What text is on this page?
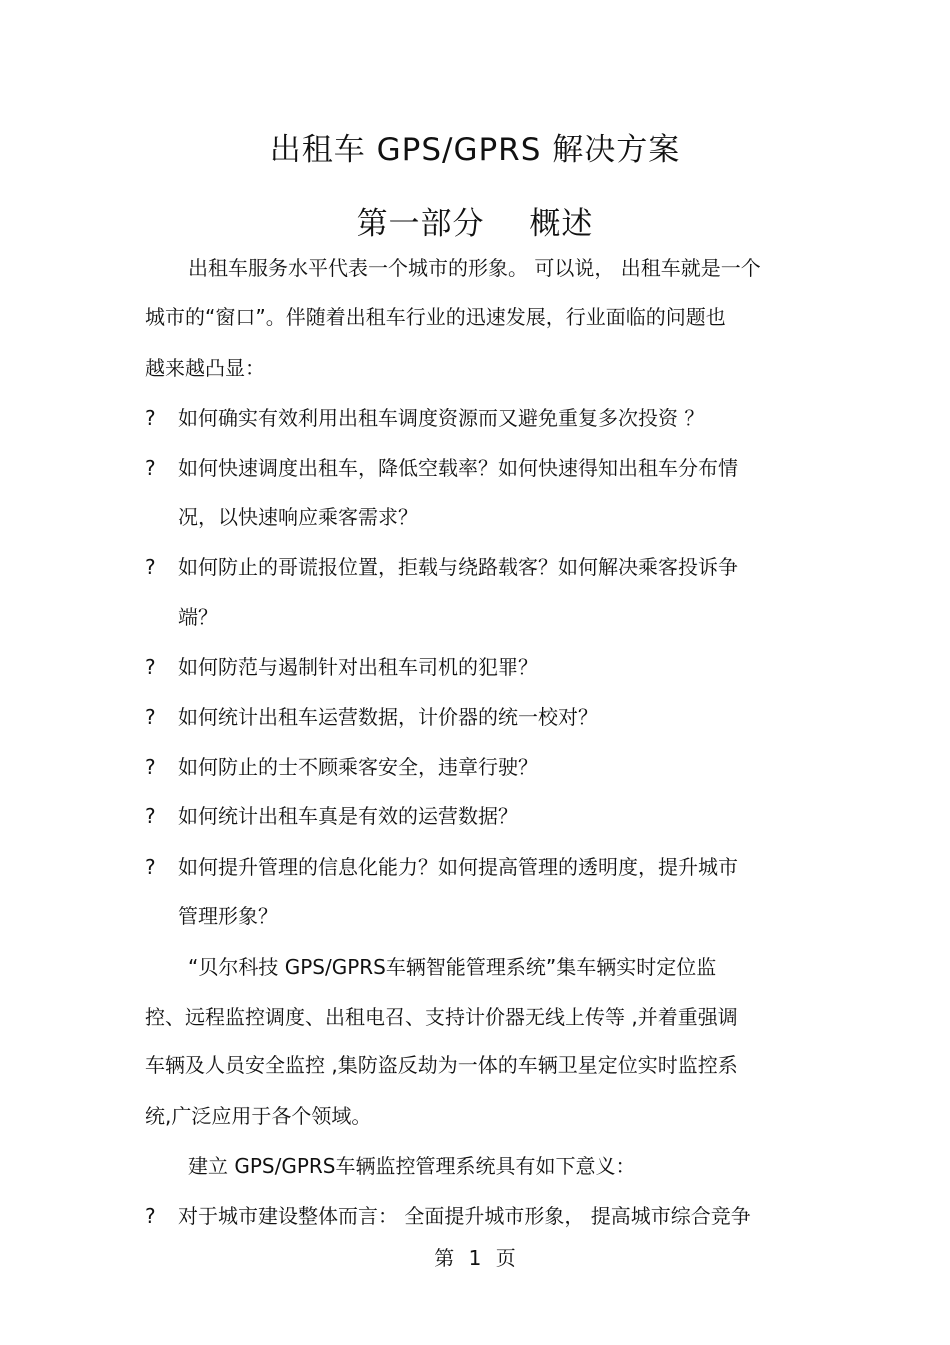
出租车 GPS/GPRS 解决方案
第一部分 概述
出租车服务水平代表一个城市的形象。 可以说， 出租车就是一个
城市的“窗口”。伴随着出租车行业的迅速发展，行业面临的问题也
越来越凸显：
? 如何确实有效利用出租车调度资源而又避免重复多次投资 ？
? 如何快速调度出租车，降低空载率？如何快速得知出租车分布情
况，以快速响应乘客需求？
? 如何防止的哥谎报位置，拒载与绕路载客？如何解决乘客投诉争
端？
? 如何防范与遏制针对出租车司机的犯罪？
? 如何统计出租车运营数据，计价器的统一校对？
? 如何防止的士不顾乘客安全，违章行驶？
? 如何统计出租车真是有效的运营数据？
? 如何提升管理的信息化能力？如何提高管理的透明度，提升城市
管理形象？
“贝尔科技 GPS/GPRS车辆智能管理系统”集车辆实时定位监
控、远程监控调度、出租电召、支持计价器无线上传等 ,并着重强调
车辆及人员安全监控 ,集防盗反劫为一体的车辆卫星定位实时监控系
统,广泛应用于各个领域。
建立 GPS/GPRS车辆监控管理系统具有如下意义：
? 对于城市建设整体而言： 全面提升城市形象， 提高城市综合竞争
第 1 页
